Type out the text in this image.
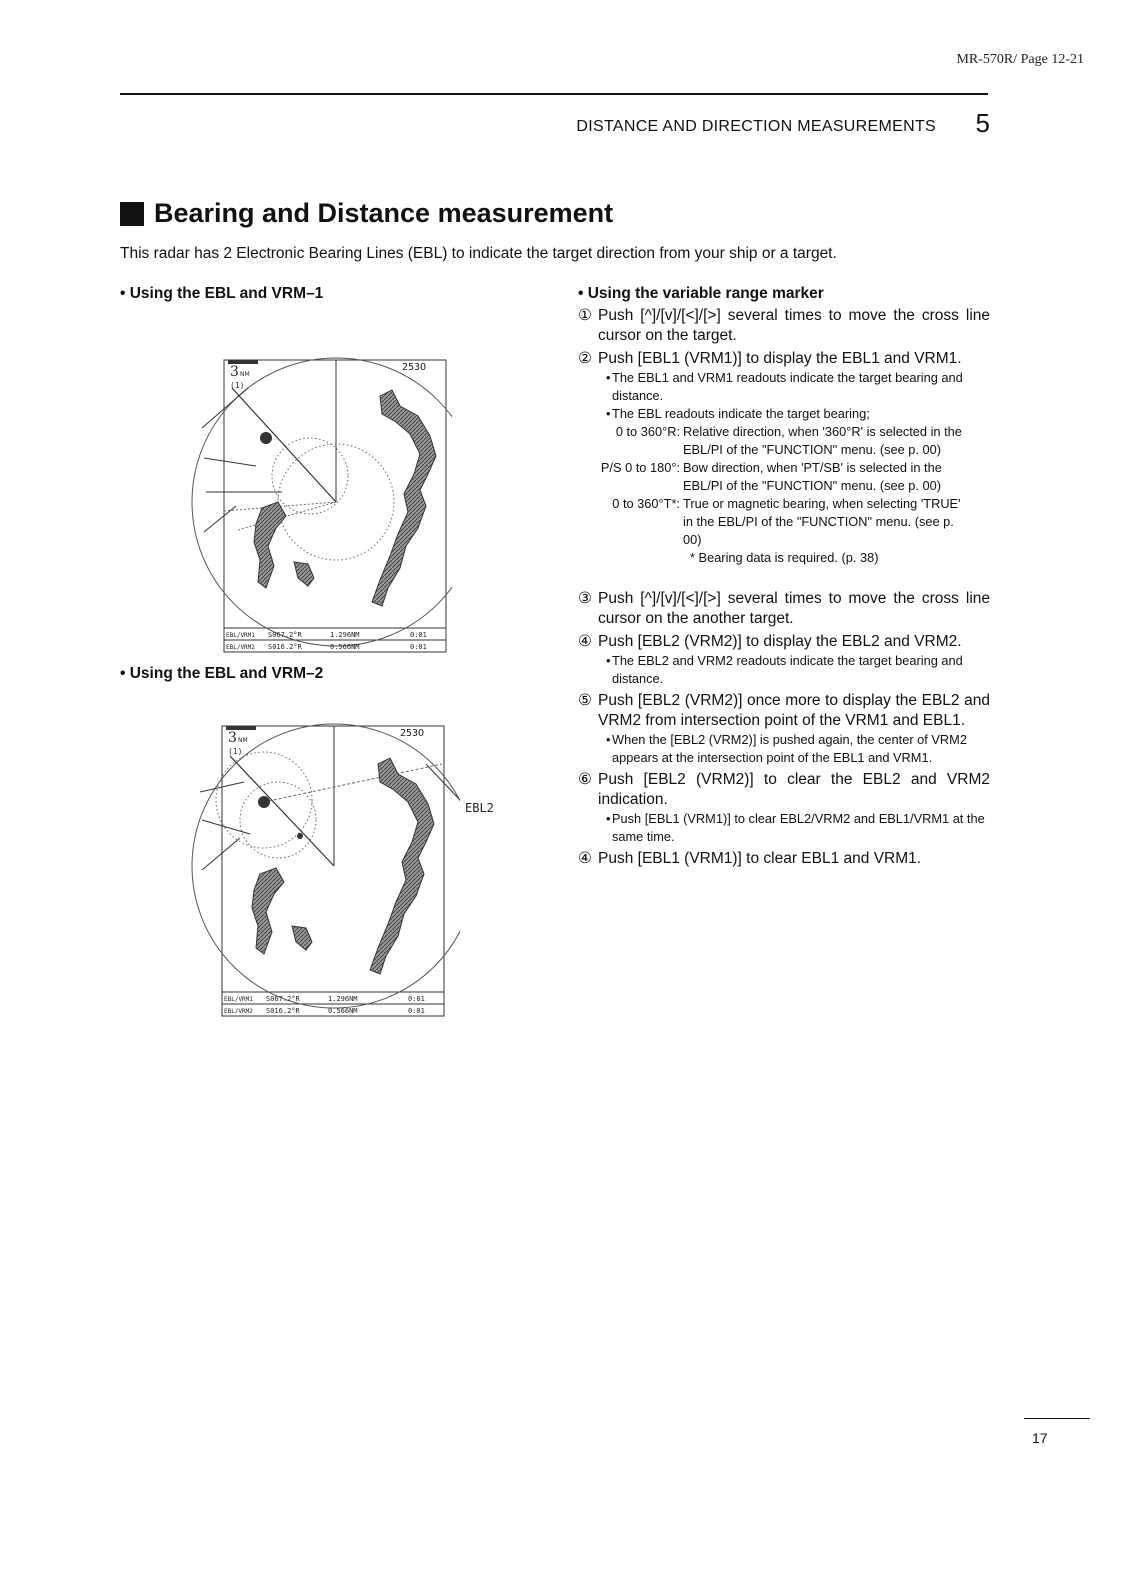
MR-570R/ Page 12-21
DISTANCE AND DIRECTION MEASUREMENTS 5
Bearing and Distance measurement
This radar has 2 Electronic Bearing Lines (EBL) to indicate the target direction from your ship or a target.
• Using the EBL and VRM–1
EBL1
VRM1
VRM2
EBL2
3 NM
(1)
253O
EBL/VRM1 S067.2°R	1.296NM	0:01
EBL/VRM2 S016.2°R	0.566NM	0:01
• Using the EBL and VRM–2
EBL1
VRM1
VRM2
EBL2
3 NM
(1)
253O
EBL/VRM1 S067.2°R	1.296NM	0:01
EBL/VRM2 S016.2°R	0.566NM	0:01
• Using the variable range marker
① Push [^]/[v]/[<]/[>] several times to move the cross line cursor on the target.
② Push [EBL1 (VRM1)] to display the EBL1 and VRM1.
• The EBL1 and VRM1 readouts indicate the target bearing and distance.
• The EBL readouts indicate the target bearing;
0 to 360°R: Relative direction, when '360°R' is selected in the EBL/PI of the "FUNCTION" menu. (see p. 00)
P/S 0 to 180°: Bow direction, when 'PT/SB' is selected in the EBL/PI of the "FUNCTION" menu. (see p. 00)
0 to 360°T*: True or magnetic bearing, when selecting 'TRUE' in the EBL/PI of the "FUNCTION" menu. (see p. 00)
* Bearing data is required. (p. 38)
③ Push [^]/[v]/[<]/[>] several times to move the cross line cursor on the another target.
④ Push [EBL2 (VRM2)] to display the EBL2 and VRM2.
• The EBL2 and VRM2 readouts indicate the target bearing and distance.
⑤ Push [EBL2 (VRM2)] once more to display the EBL2 and VRM2 from intersection point of the VRM1 and EBL1.
• When the [EBL2 (VRM2)] is pushed again, the center of VRM2 appears at the intersection point of the EBL1 and VRM1.
⑥ Push [EBL2 (VRM2)] to clear the EBL2 and VRM2 indication.
• Push [EBL1 (VRM1)] to clear EBL2/VRM2 and EBL1/VRM1 at the same time.
④ Push [EBL1 (VRM1)] to clear EBL1 and VRM1.
17
